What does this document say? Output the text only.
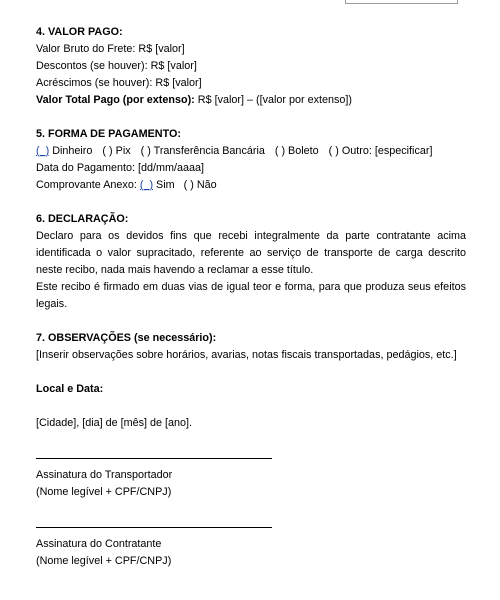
4. VALOR PAGO:

Valor Bruto do Frete: R$ [valor]

Descontos (se houver): R$ [valor]

Acréscimos (se houver): R$ [valor]

Valor Total Pago (por extenso): R$ [valor] – ([valor por extenso])

5. FORMA DE PAGAMENTO:

(_) Dinheiro ( ) Pix ( ) Transferência Bancária ( ) Boleto ( ) Outro: [especificar]

Data do Pagamento: [dd/mm/aaaa]

Comprovante Anexo: (_) Sim ( ) Não

6. DECLARAÇÃO:

Declaro para os devidos fins que recebi integralmente da parte contratante acima identificada o valor supracitado, referente ao serviço de transporte de carga descrito neste recibo, nada mais havendo a reclamar a esse título.

Este recibo é firmado em duas vias de igual teor e forma, para que produza seus efeitos legais.

7. OBSERVAÇÕES (se necessário):

[Inserir observações sobre horários, avarias, notas fiscais transportadas, pedágios, etc.]

Local e Data:

[Cidade], [dia] de [mês] de [ano].

Assinatura do Transportador

(Nome legível + CPF/CNPJ)

Assinatura do Contratante

(Nome legível + CPF/CNPJ)
